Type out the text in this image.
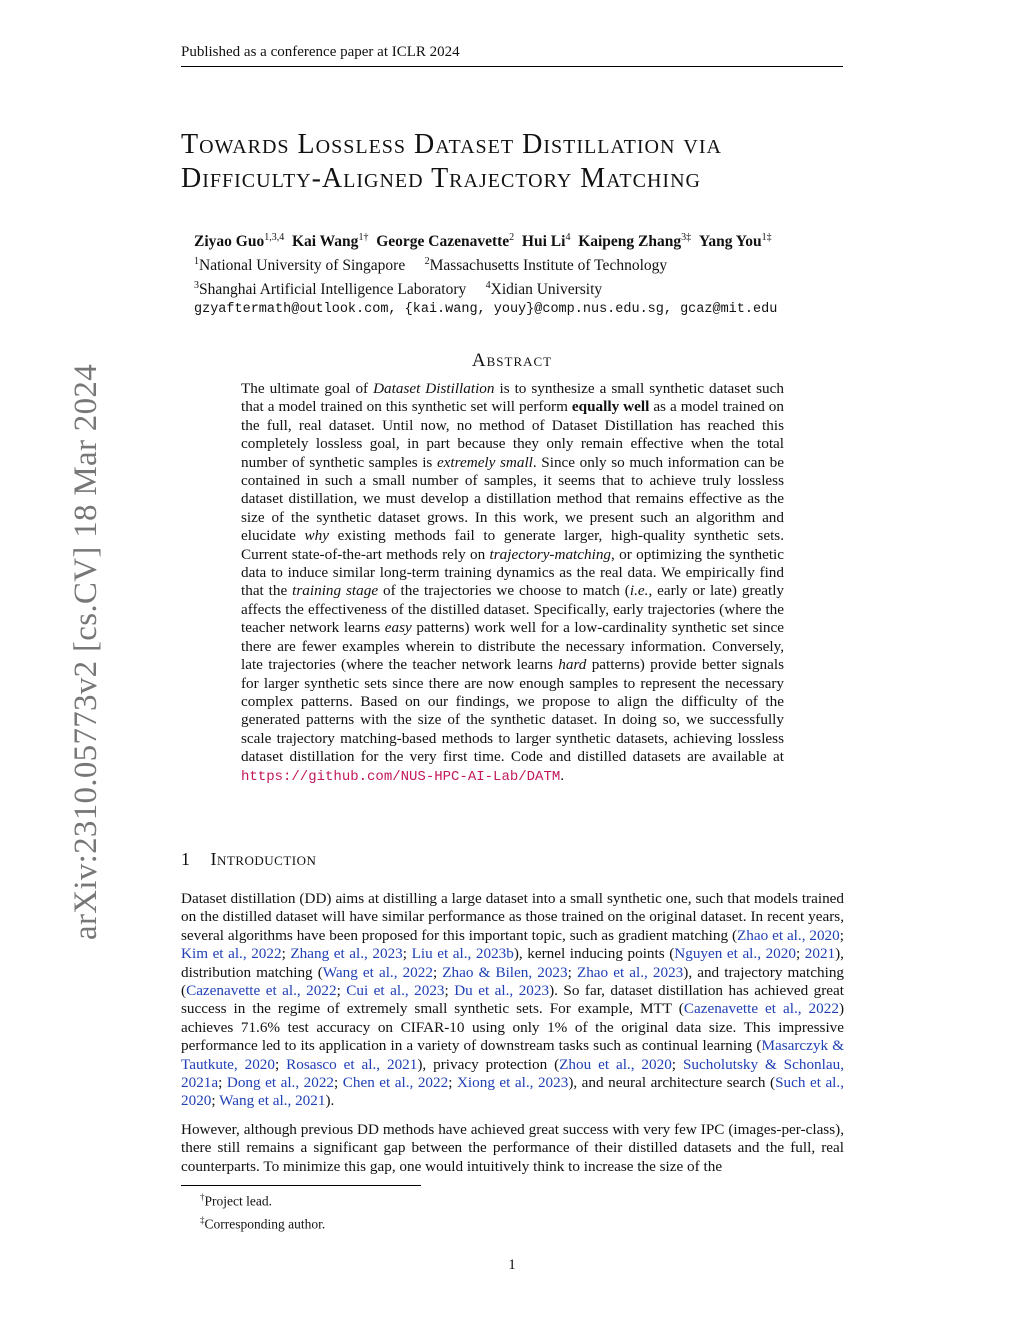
arXiv:2310.05773v2 [cs.CV] 18 Mar 2024
Published as a conference paper at ICLR 2024
Towards Lossless Dataset Distillation via
Difficulty-Aligned Trajectory Matching
Ziyao Guo$^{1,3,4}$ Kai Wang$^{1\dagger}$ George Cazenavette$^2$ Hui Li$^4$ Kaipeng Zhang$^{3\ddagger}$ Yang You$^{1\ddagger}$
$^1$National University of Singapore $^2$Massachusetts Institute of Technology
$^3$Shanghai Artificial Intelligence Laboratory $^4$Xidian University
gzyaftermath@outlook.com, {kai.wang, youy}@comp.nus.edu.sg, gcaz@mit.edu
Abstract
The ultimate goal of Dataset Distillation is to synthesize a small synthetic dataset such that a model trained on this synthetic set will perform equally well as a model trained on the full, real dataset. Until now, no method of Dataset Distillation has reached this completely lossless goal, in part because they only remain effective when the total number of synthetic samples is extremely small. Since only so much information can be contained in such a small number of samples, it seems that to achieve truly lossless dataset distillation, we must develop a distillation method that remains effective as the size of the synthetic dataset grows. In this work, we present such an algorithm and elucidate why existing methods fail to generate larger, high-quality synthetic sets. Current state-of-the-art methods rely on trajectory-matching, or optimizing the synthetic data to induce similar long-term training dynamics as the real data. We empirically find that the training stage of the trajectories we choose to match (i.e., early or late) greatly affects the effectiveness of the distilled dataset. Specifically, early trajectories (where the teacher network learns easy patterns) work well for a low-cardinality synthetic set since there are fewer examples wherein to distribute the necessary information. Conversely, late trajectories (where the teacher network learns hard patterns) provide better signals for larger synthetic sets since there are now enough samples to represent the necessary complex patterns. Based on our findings, we propose to align the difficulty of the generated patterns with the size of the synthetic dataset. In doing so, we successfully scale trajectory matching-based methods to larger synthetic datasets, achieving lossless dataset distillation for the very first time. Code and distilled datasets are available at https://github.com/NUS-HPC-AI-Lab/DATM.
1 Introduction
Dataset distillation (DD) aims at distilling a large dataset into a small synthetic one, such that models trained on the distilled dataset will have similar performance as those trained on the original dataset. In recent years, several algorithms have been proposed for this important topic, such as gradient matching (Zhao et al., 2020; Kim et al., 2022; Zhang et al., 2023; Liu et al., 2023b), kernel inducing points (Nguyen et al., 2020; 2021), distribution matching (Wang et al., 2022; Zhao & Bilen, 2023; Zhao et al., 2023), and trajectory matching (Cazenavette et al., 2022; Cui et al., 2023; Du et al., 2023). So far, dataset distillation has achieved great success in the regime of extremely small synthetic sets. For example, MTT (Cazenavette et al., 2022) achieves 71.6% test accuracy on CIFAR-10 using only 1% of the original data size. This impressive performance led to its application in a variety of downstream tasks such as continual learning (Masarczyk & Tautkute, 2020; Rosasco et al., 2021), privacy protection (Zhou et al., 2020; Sucholutsky & Schonlau, 2021a; Dong et al., 2022; Chen et al., 2022; Xiong et al., 2023), and neural architecture search (Such et al., 2020; Wang et al., 2021).
However, although previous DD methods have achieved great success with very few IPC (images-per-class), there still remains a significant gap between the performance of their distilled datasets and the full, real counterparts. To minimize this gap, one would intuitively think to increase the size of the
†Project lead.
‡Corresponding author.
1
